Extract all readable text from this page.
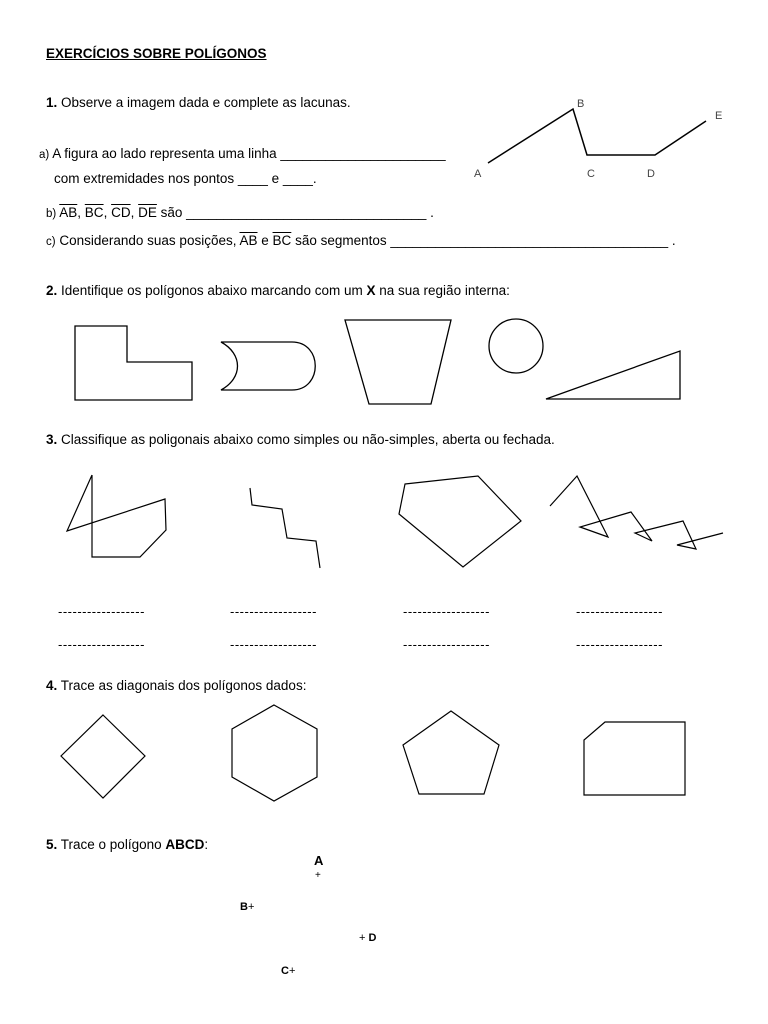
EXERCÍCIOS SOBRE POLÍGONOS
1. Observe a imagem dada e complete as lacunas.
a) A figura ao lado representa uma linha ______________________
com extremidades nos pontos ____ e ____.
b) $\overline{AB}$, $\overline{BC}$, $\overline{CD}$, $\overline{DE}$ são ________________________________ .
c) Considerando suas posições, $\overline{AB}$ e $\overline{BC}$ são segmentos _____________________________________ .
2. Identifique os polígonos abaixo marcando com um X na sua região interna:
3. Classifique as poligonais abaixo como simples ou não-simples, aberta ou fechada.
------------------	------------------	------------------	------------------
------------------	------------------	------------------	------------------
4. Trace as diagonais dos polígonos dados:
5. Trace o polígono ABCD:
A
+
B+
+ D
C+
A
B
C	D
E
